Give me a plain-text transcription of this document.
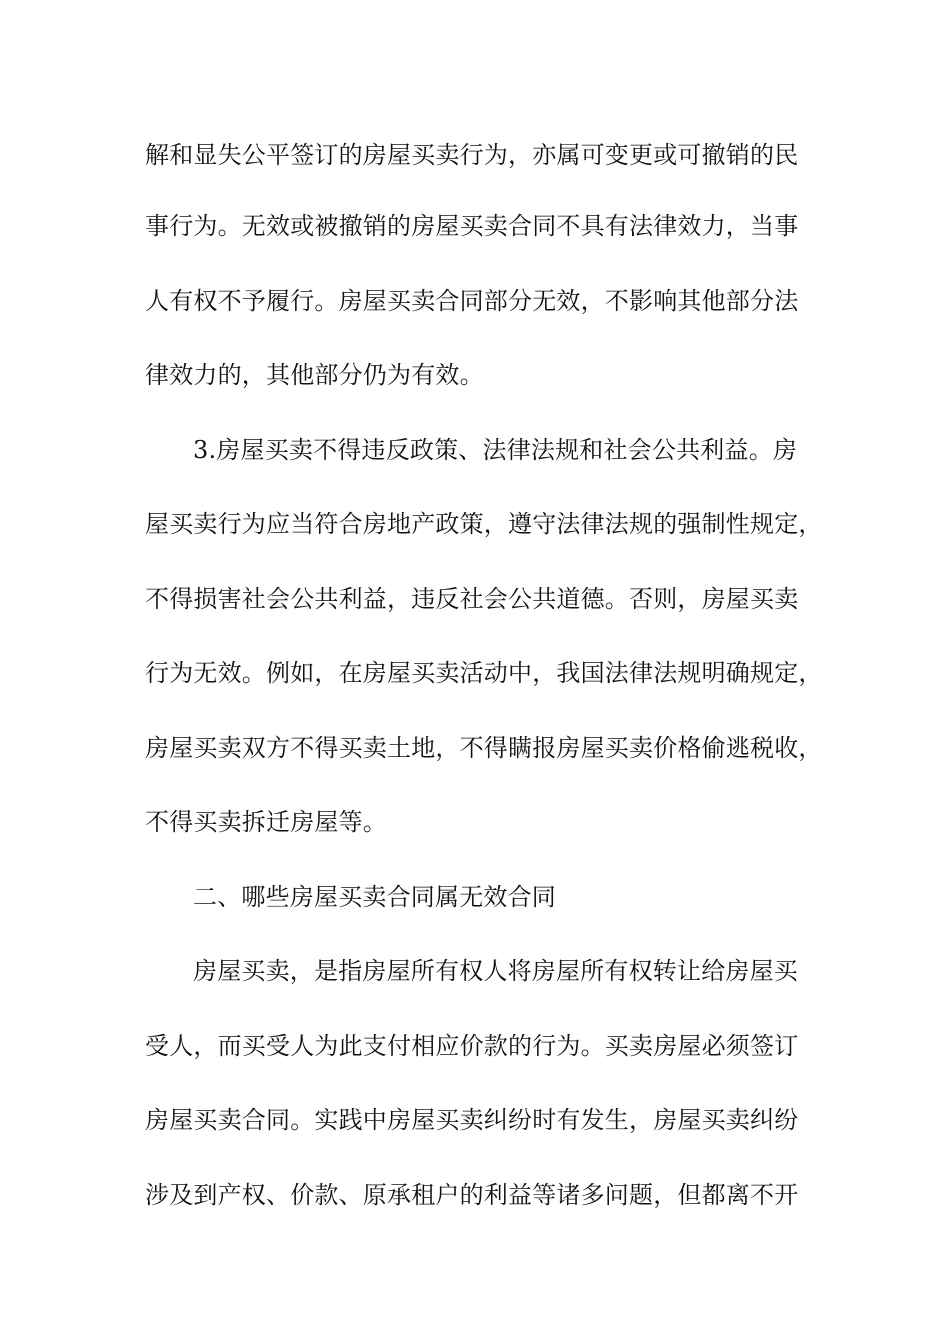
解和显失公平签订的房屋买卖行为，亦属可变更或可撤销的民

事行为。无效或被撤销的房屋买卖合同不具有法律效力，当事

人有权不予履行。房屋买卖合同部分无效，不影响其他部分法

律效力的，其他部分仍为有效。

3.房屋买卖不得违反政策、法律法规和社会公共利益。房

屋买卖行为应当符合房地产政策，遵守法律法规的强制性规定，

不得损害社会公共利益，违反社会公共道德。否则，房屋买卖

行为无效。例如，在房屋买卖活动中，我国法律法规明确规定，

房屋买卖双方不得买卖土地，不得瞒报房屋买卖价格偷逃税收，

不得买卖拆迁房屋等。

二、哪些房屋买卖合同属无效合同

房屋买卖，是指房屋所有权人将房屋所有权转让给房屋买

受人，而买受人为此支付相应价款的行为。买卖房屋必须签订

房屋买卖合同。实践中房屋买卖纠纷时有发生，房屋买卖纠纷

涉及到产权、价款、原承租户的利益等诸多问题，但都离不开
